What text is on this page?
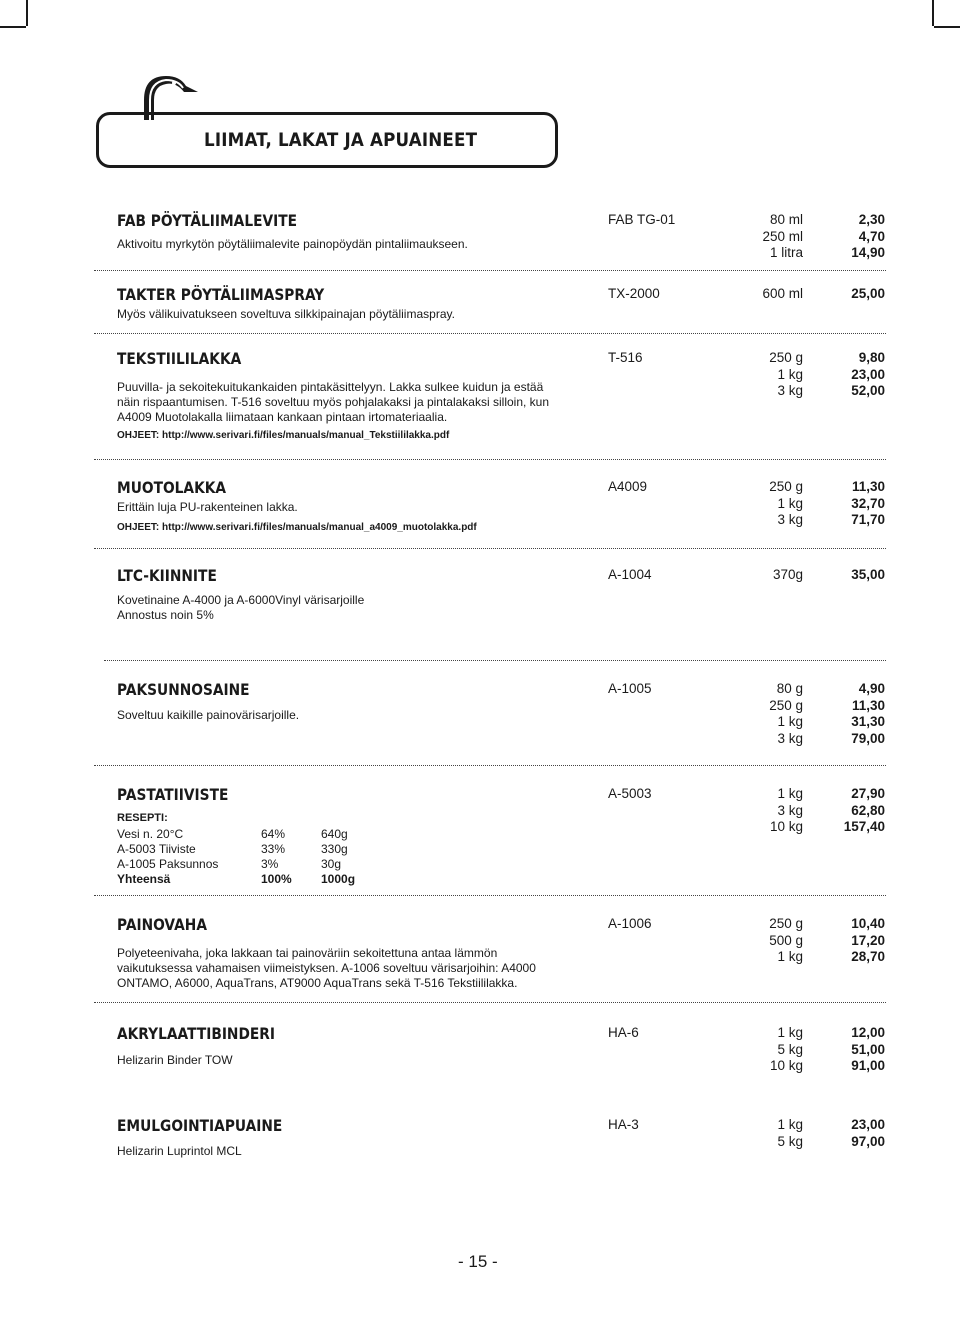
LIIMAT, LAKAT JA APUAINEET
FAB PÖYTÄLIIMALEVITE	FAB TG-01	80 ml	2,30
250 ml	4,70
1 litra	14,90
Aktivoitu myrkytön pöytäliimalevite painopöydän pintaliimaukseen.
TAKTER PÖYTÄLIIMASPRAY	TX-2000	600 ml	25,00
Myös välikuivatukseen soveltuva silkkipainajan pöytäliimaspray.
TEKSTIILILAKKA	T-516	250 g	9,80
1 kg	23,00
3 kg	52,00
Puuvilla- ja sekoitekuitukankaiden pintakäsittelyyn. Lakka sulkee kuidun ja estää
näin rispaantumisen. T-516 soveltuu myös pohjalakaksi ja pintalakaksi silloin, kun
A4009 Muotolakalla liimataan kankaan pintaan irtomateriaalia.
OHJEET: http://www.serivari.fi/files/manuals/manual_Tekstiililakka.pdf
MUOTOLAKKA	A4009	250 g	11,30
1 kg	32,70
3 kg	71,70
Erittäin luja PU-rakenteinen lakka.
OHJEET: http://www.serivari.fi/files/manuals/manual_a4009_muotolakka.pdf
LTC-KIINNITE	A-1004	370g	35,00
Kovetinaine A-4000 ja A-6000Vinyl värisarjoille
Annostus noin 5%
PAKSUNNOSAINE	A-1005	80 g	4,90
250 g	11,30
1 kg	31,30
3 kg	79,00
Soveltuu kaikille painovärisarjoille.
PASTATIIVISTE	A-5003	1 kg	27,90
3 kg	62,80
10 kg	157,40
RESEPTI:
Vesi n. 20°C	64%	640g
A-5003 Tiiviste	33%	330g
A-1005 Paksunnos	3%	30g
Yhteensä	100% 1000g
PAINOVAHA	A-1006	250 g	10,40
500 g	17,20
1 kg	28,70
Polyeteenivaha, joka lakkaan tai painoväriin sekoitettuna antaa lämmön
vaikutuksessa vahamaisen viimeistyksen. A-1006 soveltuu värisarjoihin: A4000
ONTAMO, A6000, AquaTrans, AT9000 AquaTrans sekä T-516 Tekstiililakka.
AKRYLAATTIBINDERI	HA-6	1 kg	12,00
5 kg	51,00
10 kg	91,00
Helizarin Binder TOW
EMULGOINTIAPUAINE	HA-3	1 kg	23,00
5 kg	97,00
Helizarin Luprintol MCL
- 15 -
